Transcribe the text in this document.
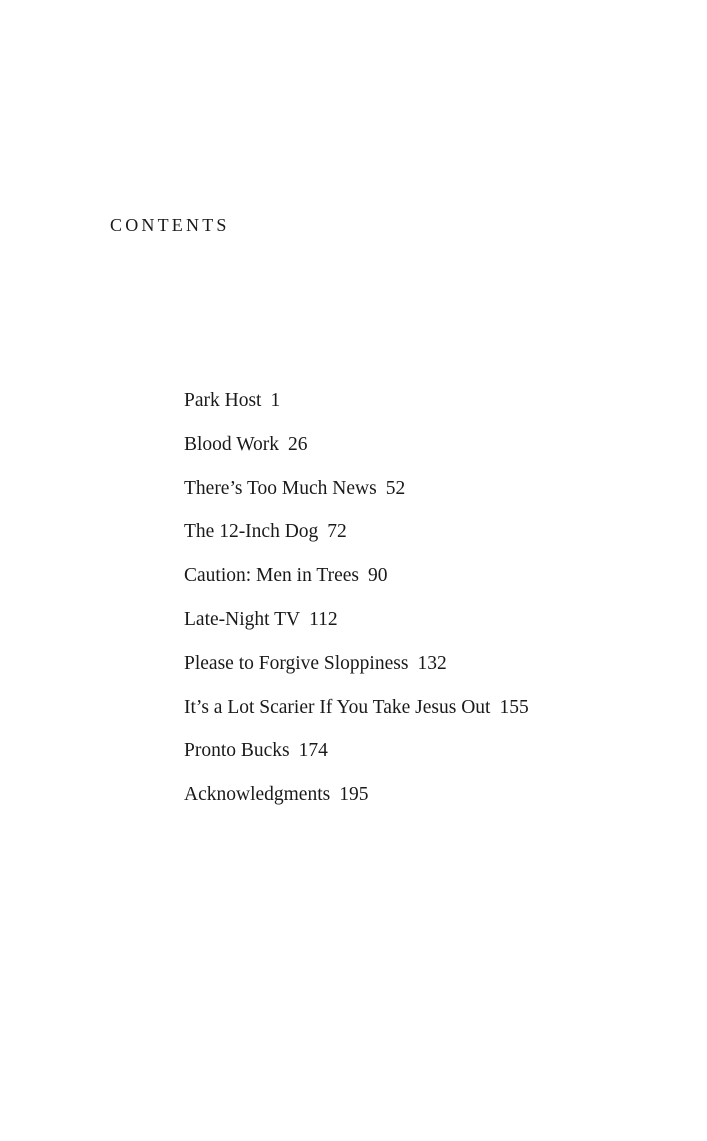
CONTENTS
Park Host 1
Blood Work 26
There’s Too Much News 52
The 12-Inch Dog 72
Caution: Men in Trees 90
Late-Night TV 112
Please to Forgive Sloppiness 132
It’s a Lot Scarier If You Take Jesus Out 155
Pronto Bucks 174
Acknowledgments 195
